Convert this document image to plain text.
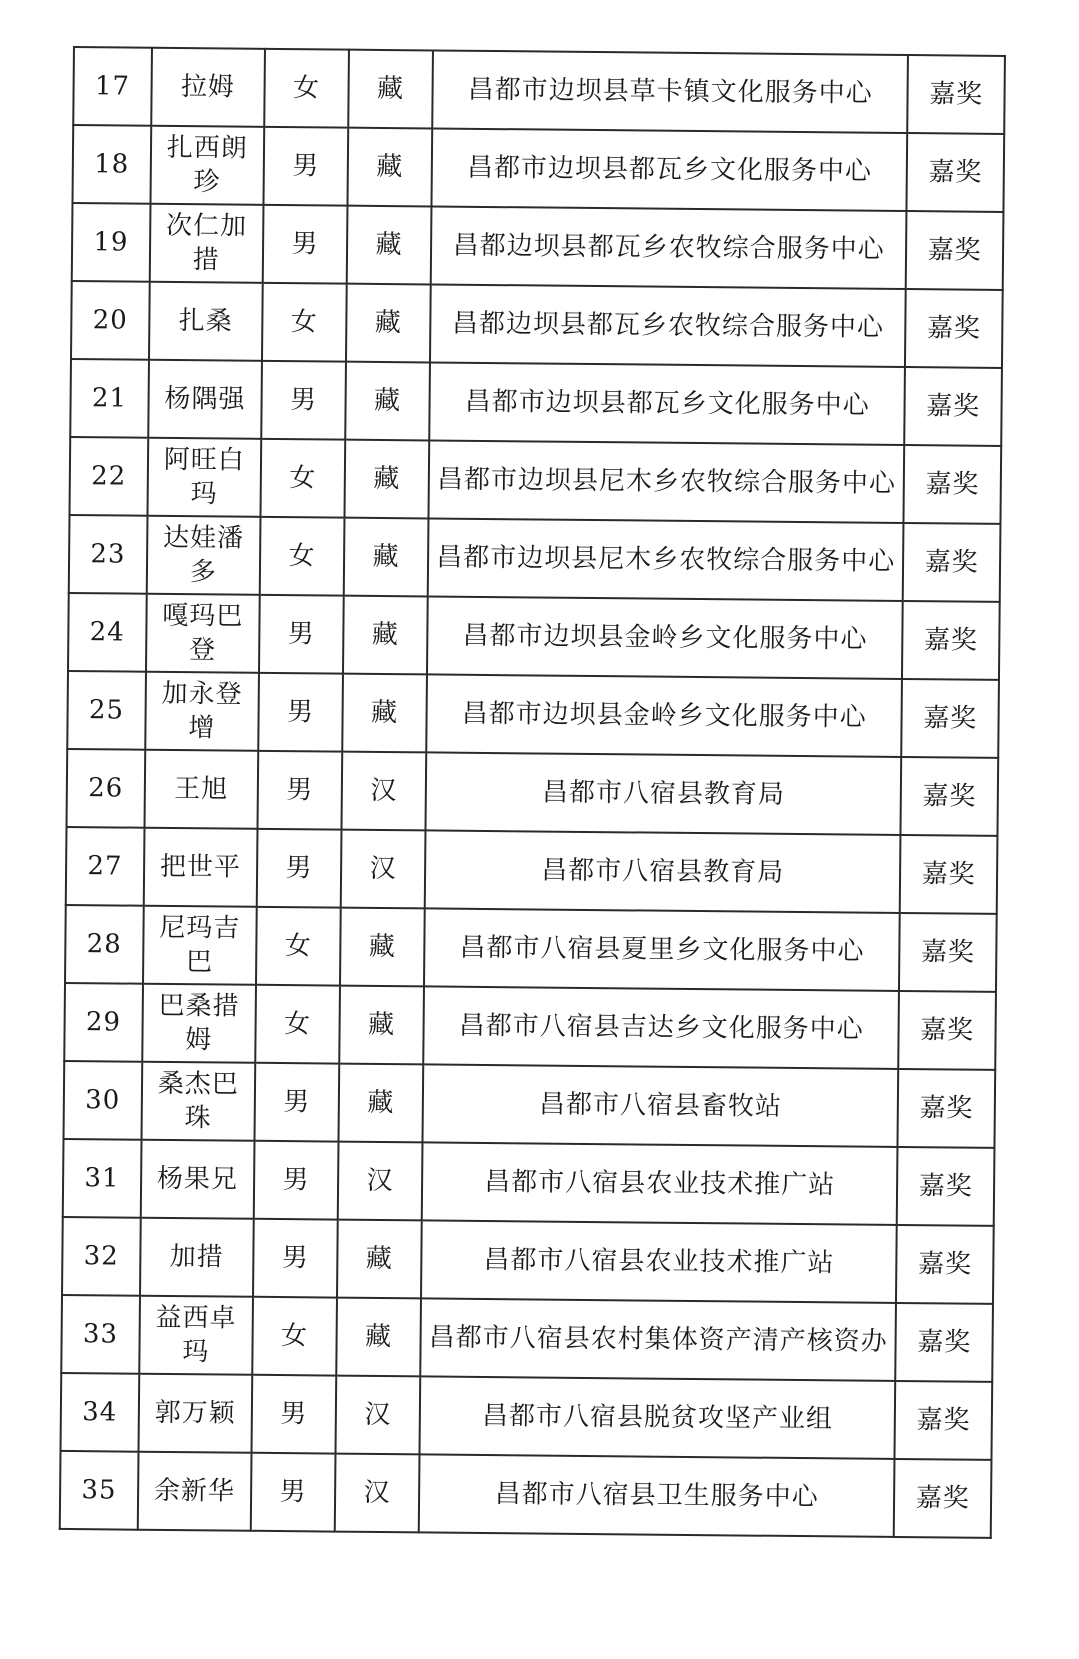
17	拉姆	女	藏	昌都市边坝县草卡镇文化服务中心	嘉奖
18	扎西朗珍	男	藏	昌都市边坝县都瓦乡文化服务中心	嘉奖
19	次仁加措	男	藏	昌都边坝县都瓦乡农牧综合服务中心	嘉奖
20	扎桑	女	藏	昌都边坝县都瓦乡农牧综合服务中心	嘉奖
21	杨隅强	男	藏	昌都市边坝县都瓦乡文化服务中心	嘉奖
22	阿旺白玛	女	藏	昌都市边坝县尼木乡农牧综合服务中心	嘉奖
23	达娃潘多	女	藏	昌都市边坝县尼木乡农牧综合服务中心	嘉奖
24	嘎玛巴登	男	藏	昌都市边坝县金岭乡文化服务中心	嘉奖
25	加永登增	男	藏	昌都市边坝县金岭乡文化服务中心	嘉奖
26	王旭	男	汉	昌都市八宿县教育局	嘉奖
27	把世平	男	汉	昌都市八宿县教育局	嘉奖
28	尼玛吉巴	女	藏	昌都市八宿县夏里乡文化服务中心	嘉奖
29	巴桑措姆	女	藏	昌都市八宿县吉达乡文化服务中心	嘉奖
30	桑杰巴珠	男	藏	昌都市八宿县畜牧站	嘉奖
31	杨果兄	男	汉	昌都市八宿县农业技术推广站	嘉奖
32	加措	男	藏	昌都市八宿县农业技术推广站	嘉奖
33	益西卓玛	女	藏	昌都市八宿县农村集体资产清产核资办	嘉奖
34	郭万颖	男	汉	昌都市八宿县脱贫攻坚产业组	嘉奖
35	余新华	男	汉	昌都市八宿县卫生服务中心	嘉奖
